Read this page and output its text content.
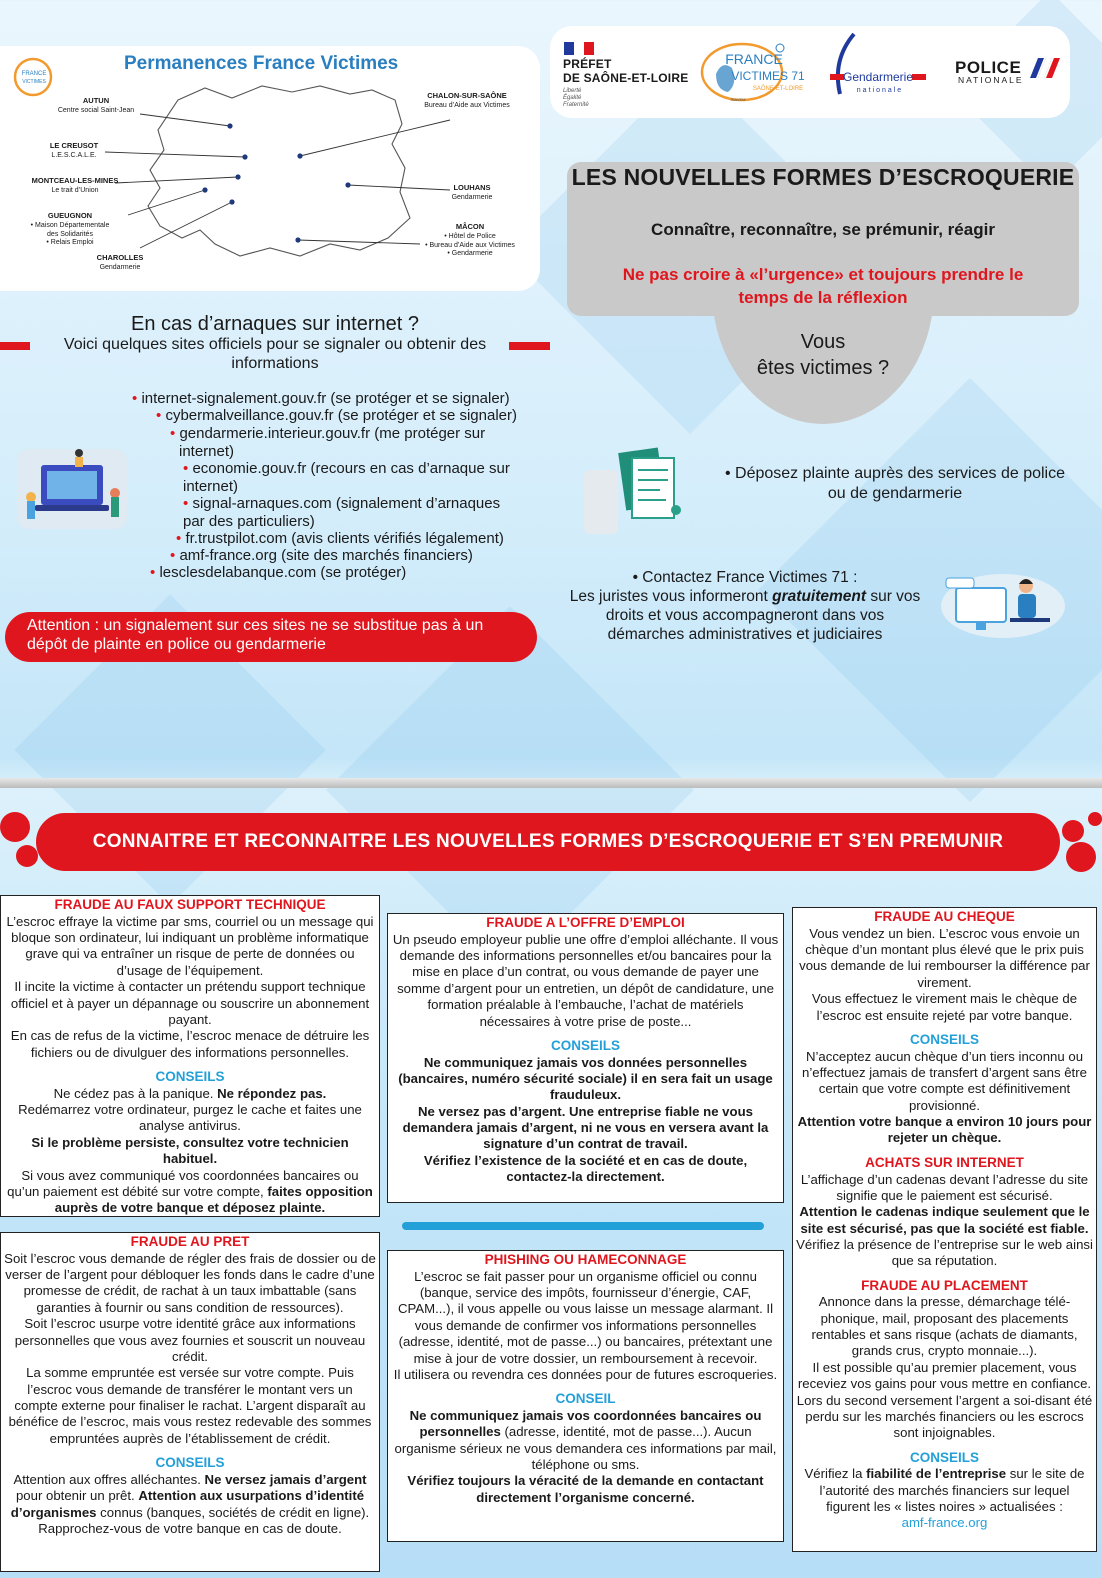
FRANCE
VICTIMES
Permanences France Victimes
AUTUN
Centre social Saint-Jean
LE CREUSOT
L.E.S.C.A.L.E.
MONTCEAU-LES-MINES
Le trait d’Union
GUEUGNON
• Maison Départementale
des Solidarités
• Relais Emploi
CHAROLLES
Gendarmerie
CHALON-SUR-SAÔNE
Bureau d’Aide aux Victimes
LOUHANS
Gendarmerie
MÂCON
• Hôtel de Police
• Bureau d’Aide aux Victimes
• Gendarmerie
PRÉFET
DE SAÔNE-ET-LOIRE
Liberté
Égalité
Fraternité
FRANCE
VICTIMES 71
SAÔNE-ET-LOIRE
INAVEM
Gendarmerie
nationale
POLICE
NATIONALE
LES NOUVELLES FORMES D’ESCROQUERIE
Connaître, reconnaître, se prémunir, réagir
Ne pas croire à «l’urgence» et toujours prendre le
temps de la réflexion
Vous
êtes victimes ?
En cas d’arnaques sur internet ?
Voici quelques sites officiels pour se signaler ou obtenir des
informations
• internet-signalement.gouv.fr (se protéger et se signaler)
• cybermalveillance.gouv.fr (se protéger et se signaler)
• gendarmerie.interieur.gouv.fr (me protéger sur
internet)
• economie.gouv.fr (recours en cas d’arnaque sur
internet)
• signal-arnaques.com (signalement d’arnaques
par des particuliers)
• fr.trustpilot.com (avis clients vérifiés légalement)
• amf-france.org (site des marchés financiers)
• lesclesdelabanque.com (se protéger)
Attention : un signalement sur ces sites ne se substitue pas à un
dépôt de plainte en police ou gendarmerie
• Déposez plainte auprès des services de police
ou de gendarmerie
• Contactez France Victimes 71 :
Les juristes vous informeront gratuitement sur vos droits et vous accompagneront dans vos démarches administratives et judiciaires
CONNAITRE ET RECONNAITRE LES NOUVELLES FORMES D’ESCROQUERIE ET S’EN PREMUNIR
FRAUDE AU FAUX SUPPORT TECHNIQUE
L’escroc effraye la victime par sms, courriel ou un message qui bloque son ordinateur, lui indiquant un problème informatique grave qui va entraîner un risque de perte de données ou d’usage de l’équipement.
Il incite la victime à contacter un prétendu support technique officiel et à payer un dépannage ou souscrire un abonnement payant.
En cas de refus de la victime, l’escroc menace de détruire les fichiers ou de divulguer des informations personnelles.
CONSEILS
Ne cédez pas à la panique. Ne répondez pas.
Redémarrez votre ordinateur, purgez le cache et faites une analyse antivirus.
Si le problème persiste, consultez votre technicien habituel.
Si vous avez communiqué vos coordonnées bancaires ou qu’un paiement est débité sur votre compte, faites opposition auprès de votre banque et déposez plainte.
FRAUDE AU PRET
Soit l’escroc vous demande de régler des frais de dossier ou de verser de l’argent pour débloquer les fonds dans le cadre d’une promesse de crédit, de rachat à un taux imbattable (sans garanties à fournir ou sans condition de ressources).
Soit l’escroc usurpe votre identité grâce aux informations personnelles que vous avez fournies et souscrit un nouveau crédit.
La somme empruntée est versée sur votre compte. Puis l’escroc vous demande de transférer le montant vers un compte externe pour finaliser le rachat. L’argent disparaît au bénéfice de l’escroc, mais vous restez redevable des sommes empruntées auprès de l’établissement de crédit.
CONSEILS
Attention aux offres alléchantes. Ne versez jamais d’argent pour obtenir un prêt. Attention aux usurpations d’identité d’organismes connus (banques, sociétés de crédit en ligne).
Rapprochez-vous de votre banque en cas de doute.
FRAUDE A L’OFFRE D’EMPLOI
Un pseudo employeur publie une offre d’emploi alléchante. Il vous demande des informations personnelles et/ou bancaires pour la mise en place d’un contrat, ou vous demande de payer une somme d’argent pour un entretien, un dépôt de candidature, une formation préalable à l’embauche, l’achat de matériels nécessaires à votre prise de poste...
CONSEILS
Ne communiquez jamais vos données personnelles (bancaires, numéro sécurité sociale) il en sera fait un usage frauduleux.
Ne versez pas d’argent. Une entreprise fiable ne vous demandera jamais d’argent, ni ne vous en versera avant la signature d’un contrat de travail.
Vérifiez l’existence de la société et en cas de doute, contactez-la directement.
PHISHING OU HAMECONNAGE
L’escroc se fait passer pour un organisme officiel ou connu (banque, service des impôts, fournisseur d’énergie, CAF, CPAM...), il vous appelle ou vous laisse un message alarmant. Il vous demande de confirmer vos informations personnelles (adresse, identité, mot de passe...) ou bancaires, prétextant une mise à jour de votre dossier, un remboursement à recevoir.
Il utilisera ou revendra ces données pour de futures escroqueries.
CONSEIL
Ne communiquez jamais vos coordonnées bancaires ou personnelles (adresse, identité, mot de passe...). Aucun organisme sérieux ne vous demandera ces informations par mail, téléphone ou sms.
Vérifiez toujours la véracité de la demande en contactant directement l’organisme concerné.
FRAUDE AU CHEQUE
Vous vendez un bien. L’escroc vous envoie un chèque d’un montant plus élevé que le prix puis vous demande de lui rembourser la différence par virement.
Vous effectuez le virement mais le chèque de l’escroc est ensuite rejeté par votre banque.
CONSEILS
N’acceptez aucun chèque d’un tiers inconnu ou n’effectuez jamais de transfert d’argent sans être certain que votre compte est définitivement provisionné.
Attention votre banque a environ 10 jours pour rejeter un chèque.
ACHATS SUR INTERNET
L’affichage d’un cadenas devant l’adresse du site signifie que le paiement est sécurisé.
Attention le cadenas indique seulement que le site est sécurisé, pas que la société est fiable.
Vérifiez la présence de l’entreprise sur le web ainsi que sa réputation.
FRAUDE AU PLACEMENT
Annonce dans la presse, démarchage télé-phonique, mail, proposant des placements rentables et sans risque (achats de diamants, grands crus, crypto monnaie...).
Il est possible qu’au premier placement, vous receviez vos gains pour vous mettre en confiance. Lors du second versement l’argent a soi-disant été perdu sur les marchés financiers ou les escrocs sont injoignables.
CONSEILS
Vérifiez la fiabilité de l’entreprise sur le site de l’autorité des marchés financiers sur lequel figurent les « listes noires » actualisées :
amf-france.org
